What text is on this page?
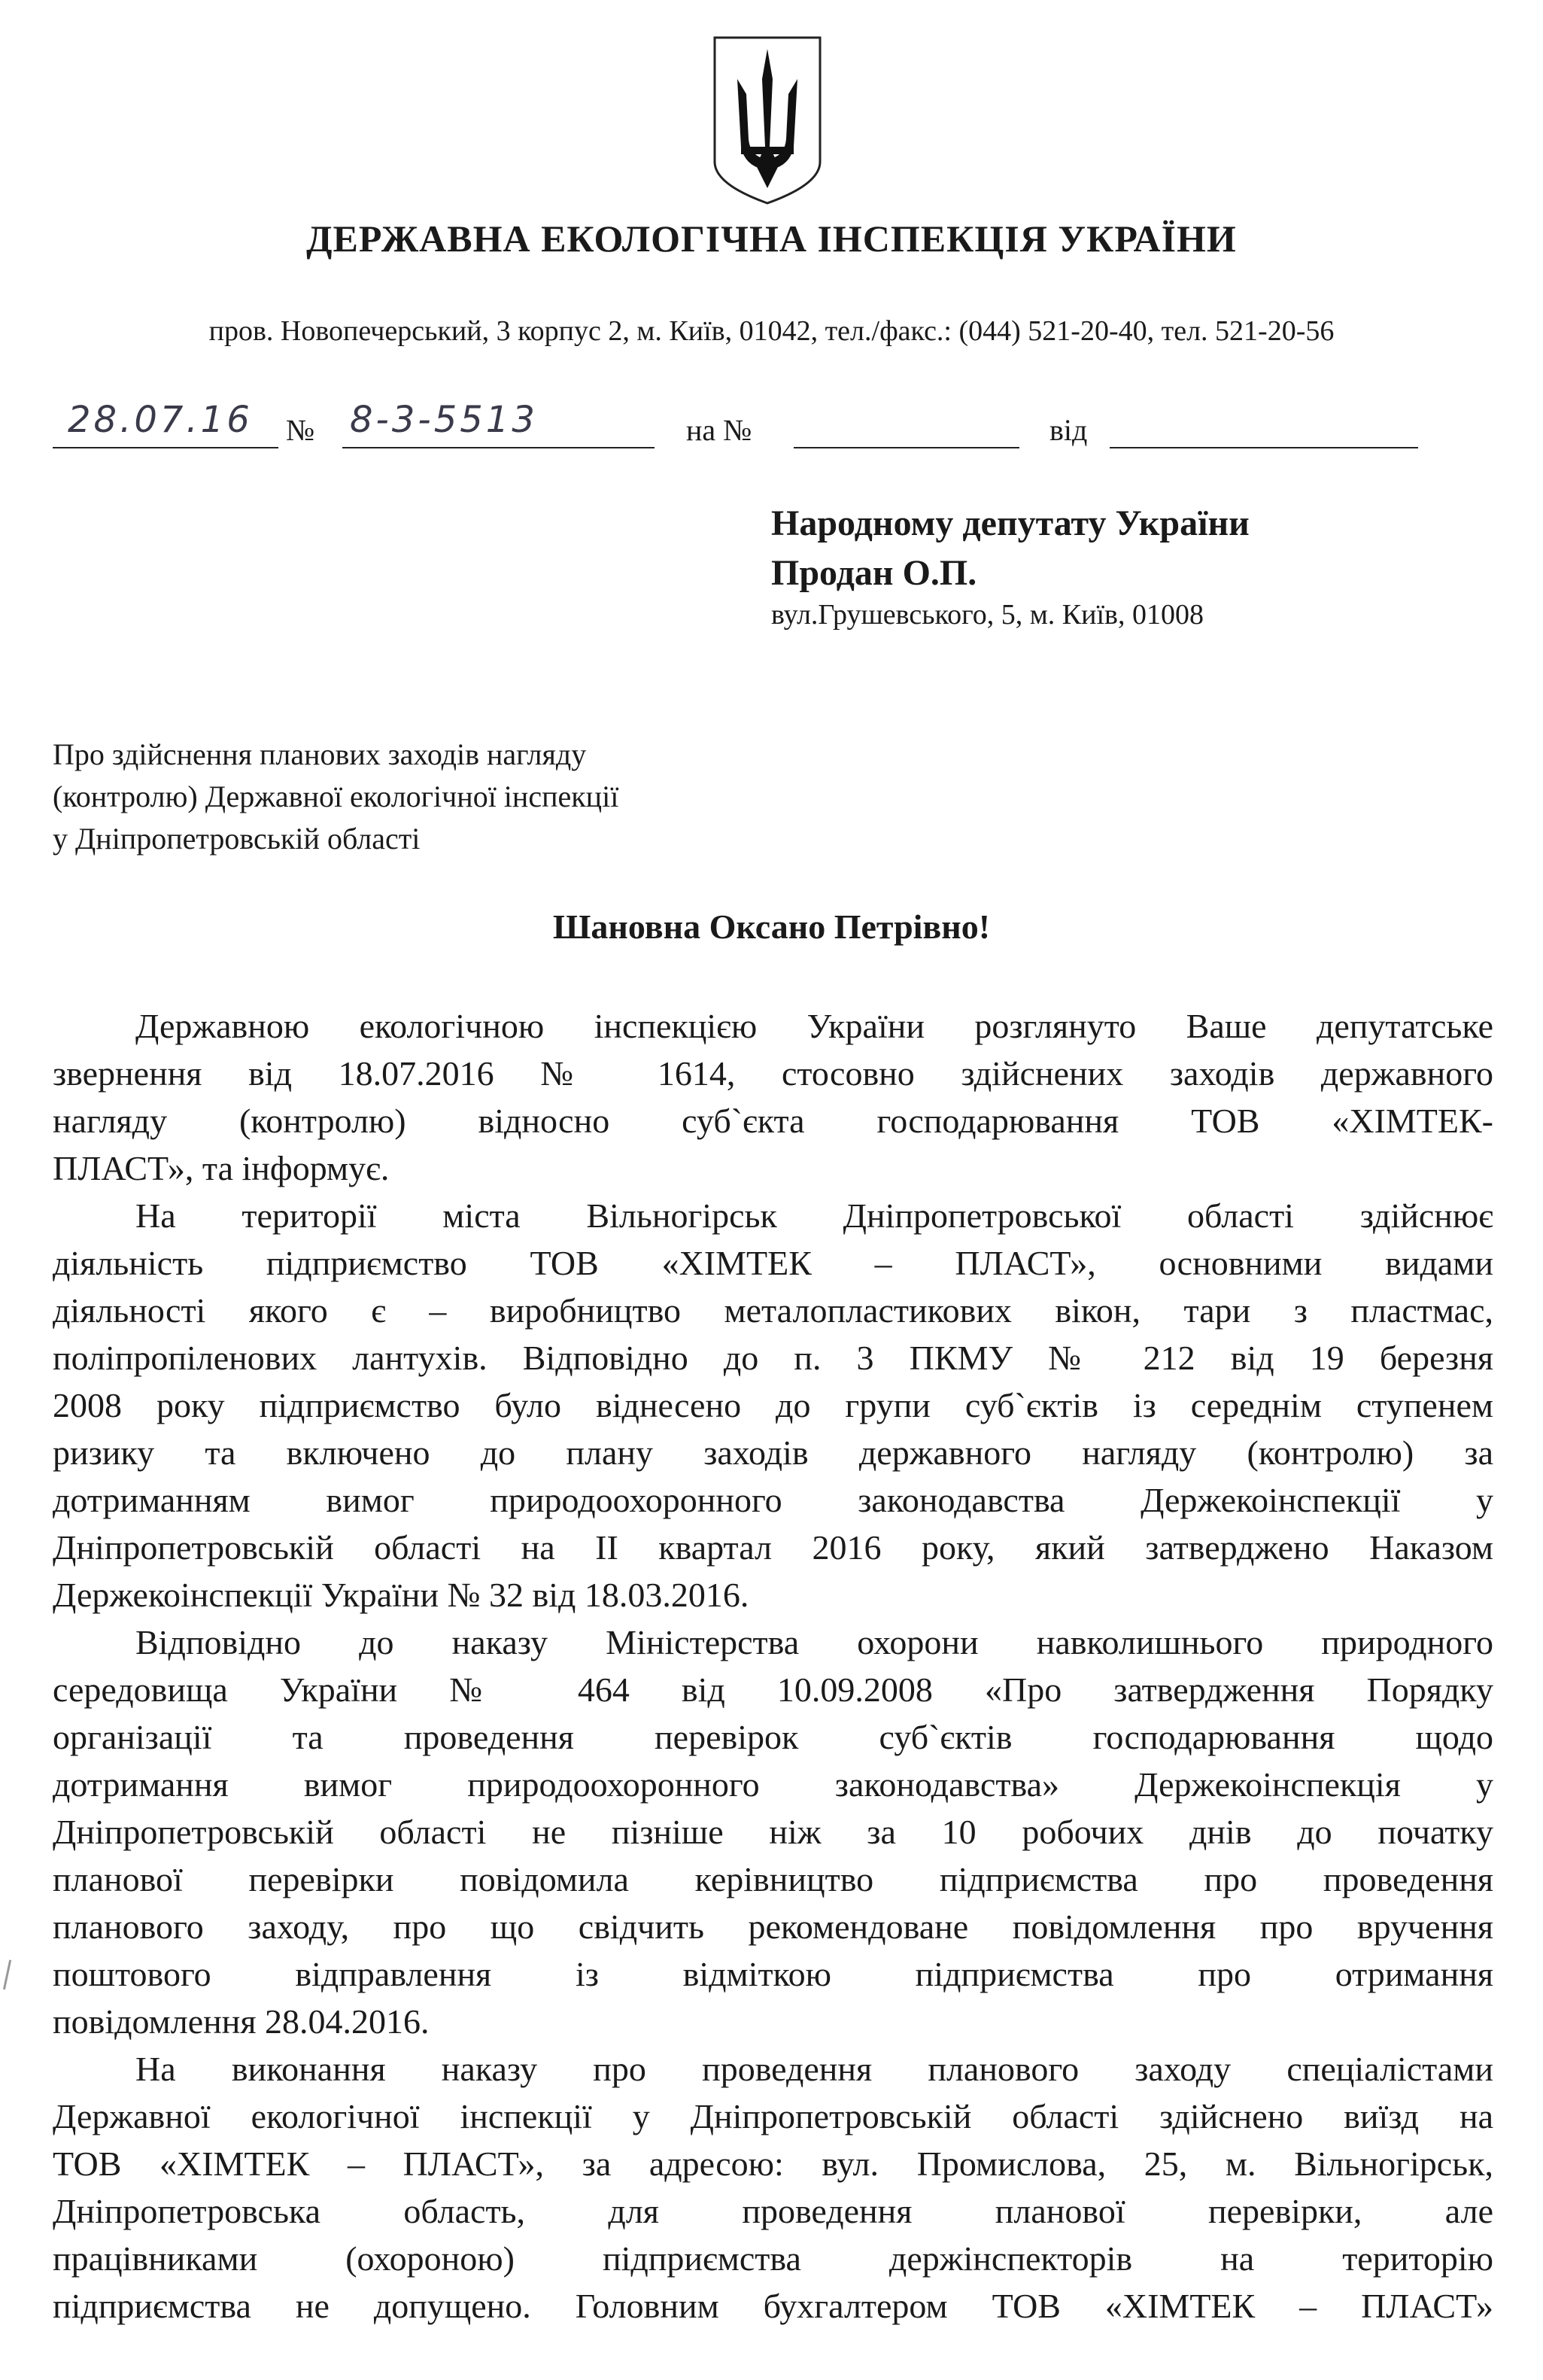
ДЕРЖАВНА ЕКОЛОГІЧНА ІНСПЕКЦІЯ УКРАЇНИ
пров. Новопечерський, 3 корпус 2, м. Київ, 01042, тел./факс.: (044) 521-20-40, тел. 521-20-56
28.07.16	№ 8-3-5513	на №	від
Народному депутату України
Продан О.П.
вул.Грушевського, 5, м. Київ, 01008
Про здійснення планових заходів нагляду
(контролю) Державної екологічної інспекції
у Дніпропетровській області
Шановна Оксано Петрівно!
Державною екологічною інспекцією України розглянуто Ваше депутатське
звернення від 18.07.2016 № 1614, стосовно здійснених заходів державного
нагляду (контролю) відносно суб`єкта господарювання ТОВ «ХІМТЕК-
ПЛАСТ», та інформує.
На території міста Вільногірськ Дніпропетровської області здійснює
діяльність підприємство ТОВ «ХІМТЕК – ПЛАСТ», основними видами
діяльності якого є – виробництво металопластикових вікон, тари з пластмас,
поліпропіленових лантухів. Відповідно до п. 3 ПКМУ № 212 від 19 березня
2008 року підприємство було віднесено до групи суб`єктів із середнім ступенем
ризику та включено до плану заходів державного нагляду (контролю) за
дотриманням вимог природоохоронного законодавства Держекоінспекції у
Дніпропетровській області на ІІ квартал 2016 року, який затверджено Наказом
Держекоінспекції України № 32 від 18.03.2016.
Відповідно до наказу Міністерства охорони навколишнього природного
середовища України № 464 від 10.09.2008 «Про затвердження Порядку
організації та проведення перевірок суб`єктів господарювання щодо
дотримання вимог природоохоронного законодавства» Держекоінспекція у
Дніпропетровській області не пізніше ніж за 10 робочих днів до початку
планової перевірки повідомила керівництво підприємства про проведення
планового заходу, про що свідчить рекомендоване повідомлення про вручення
поштового відправлення із відміткою підприємства про отримання
повідомлення 28.04.2016.
На виконання наказу про проведення планового заходу спеціалістами
Державної екологічної інспекції у Дніпропетровській області здійснено виїзд на
ТОВ «ХІМТЕК – ПЛАСТ», за адресою: вул. Промислова, 25, м. Вільногірськ,
Дніпропетровська область, для проведення планової перевірки, але
працівниками (охороною) підприємства держінспекторів на територію
підприємства не допущено. Головним бухгалтером ТОВ «ХІМТЕК – ПЛАСТ»
